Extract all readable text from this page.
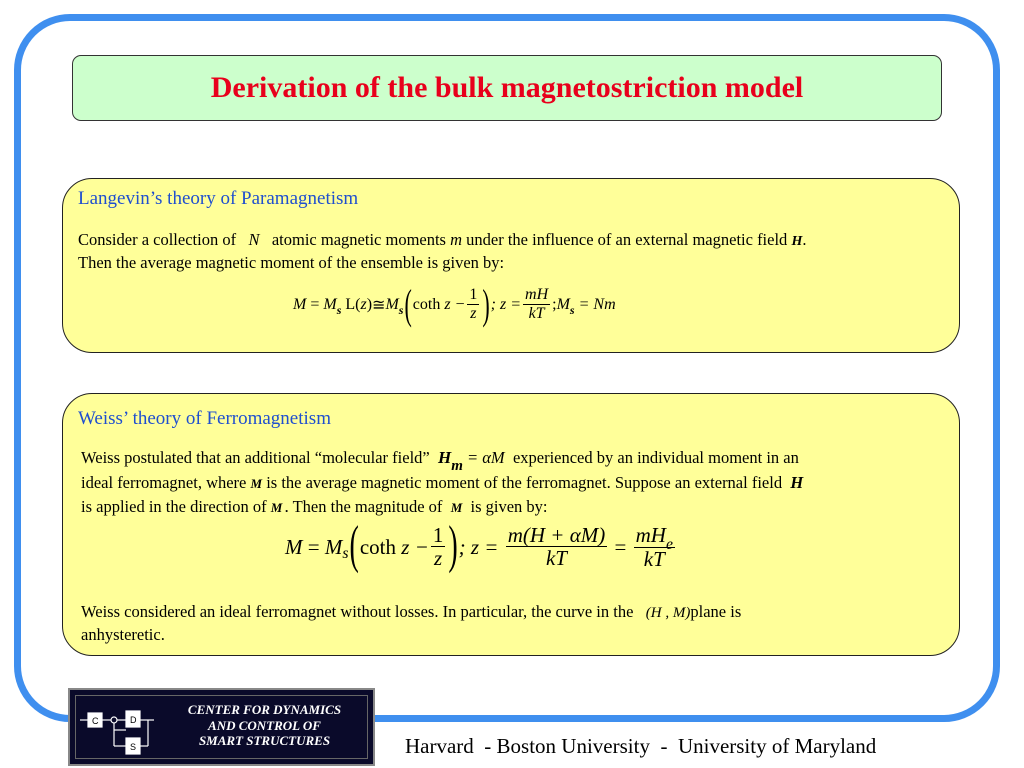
Derivation of the bulk magnetostriction model
Langevin’s theory of Paramagnetism
Consider a collection of N atomic magnetic moments m under the influence of an external magnetic field H.
Then the average magnetic moment of the ensemble is given by:
M
=
M s
L ( z ) ≅ M s ( coth
$z - \frac{1}{z}$ ) ; $z = \frac{mH}{kT}$ ; M s
= Nm
Weiss’ theory of Ferromagnetism
Weiss postulated that an additional “molecular field” Hm = αM experienced by an individual moment in an
ideal ferromagnet, where M is the average magnetic moment of the ferromagnet. Suppose an external field H
is applied in the direction of M . Then the magnitude of M is given by:
M
=
M s ( coth
$z - \frac{1}{z}$ ) ; z =
$\frac{m(H + \alpha M)}{kT}$
=
$\frac{mH_e}{kT}$
Weiss considered an ideal ferromagnet without losses. In particular, the curve in the (H , M)plane is
anhysteretic.
C	D
S
CENTER FOR DYNAMICS
AND CONTROL OF
SMART STRUCTURES	Harvard  - Boston University  -  University of Maryland
